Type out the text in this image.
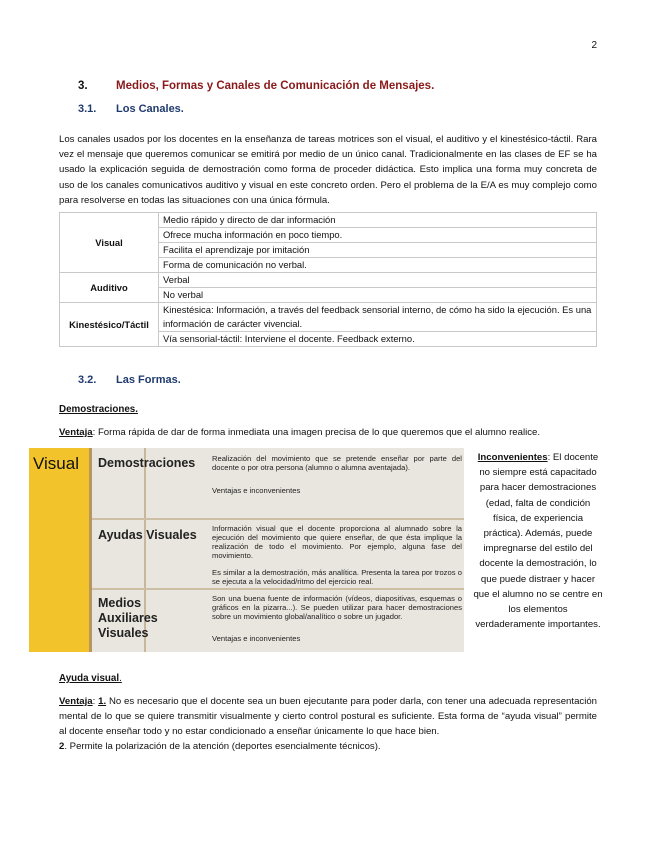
2
3. Medios, Formas y Canales de Comunicación de Mensajes.
3.1. Los Canales.
Los canales usados por los docentes en la enseñanza de tareas motrices son el visual, el auditivo y el kinestésico-táctil. Rara vez el mensaje que queremos comunicar se emitirá por medio de un único canal. Tradicionalmente en las clases de EF se ha usado la explicación seguida de demostración como forma de proceder didáctica. Esto implica una forma muy concreta de uso de los canales comunicativos auditivo y visual en este concreto orden. Pero el problema de la E/A es muy complejo como para resolverse en todas las situaciones con una única fórmula.
Visual	Medio rápido y directo de dar información
	Ofrece mucha información en poco tiempo.
	Facilita el aprendizaje por imitación
	Forma de comunicación no verbal.
Auditivo	Verbal
	No verbal
Kinestésico/Táctil	Kinestésica: Información, a través del feedback sensorial interno, de cómo ha sido la ejecución. Es una información de carácter vivencial.
	Vía sensorial-táctil: Interviene el docente. Feedback externo.
3.2. Las Formas.
Demostraciones.
Ventaja: Forma rápida de dar de forma inmediata una imagen precisa de lo que queremos que el alumno realice.
Visual Demostraciones Realización del movimiento que se pretende enseñar por parte del docente o por otra persona (alumno o alumna aventajada).
Ventajas e inconvenientes
Ayudas Visuales Información visual que el docente proporciona al alumnado sobre la ejecución del movimiento que quiere enseñar, de que ésta implique la realización de todo el movimiento. Por ejemplo, alguna fase del movimiento.
Es similar a la demostración, más analítica. Presenta la tarea por trozos o se ejecuta a la velocidad/ritmo del ejercicio real.
Medios Auxiliares Visuales
Son una buena fuente de información (vídeos, diapositivas, esquemas o gráficos en la pizarra...). Se pueden utilizar para hacer demostraciones sobre un movimiento global/analítico o sobre un jugador.
Ventajas e inconvenientes
Inconvenientes: El docente no siempre está capacitado para hacer demostraciones (edad, falta de condición física, de experiencia práctica). Además, puede impregnarse del estilo del docente la demostración, lo que puede distraer y hacer que el alumno no se centre en los elementos verdaderamente importantes.
Ayuda visual.
Ventaja: 1. No es necesario que el docente sea un buen ejecutante para poder darla, con tener una adecuada representación mental de lo que se quiere transmitir visualmente y cierto control postural es suficiente. Esta forma de “ayuda visual” permite al docente enseñar todo y no estar condicionado a enseñar únicamente lo que hace bien.
2. Permite la polarización de la atención (deportes esencialmente técnicos).
